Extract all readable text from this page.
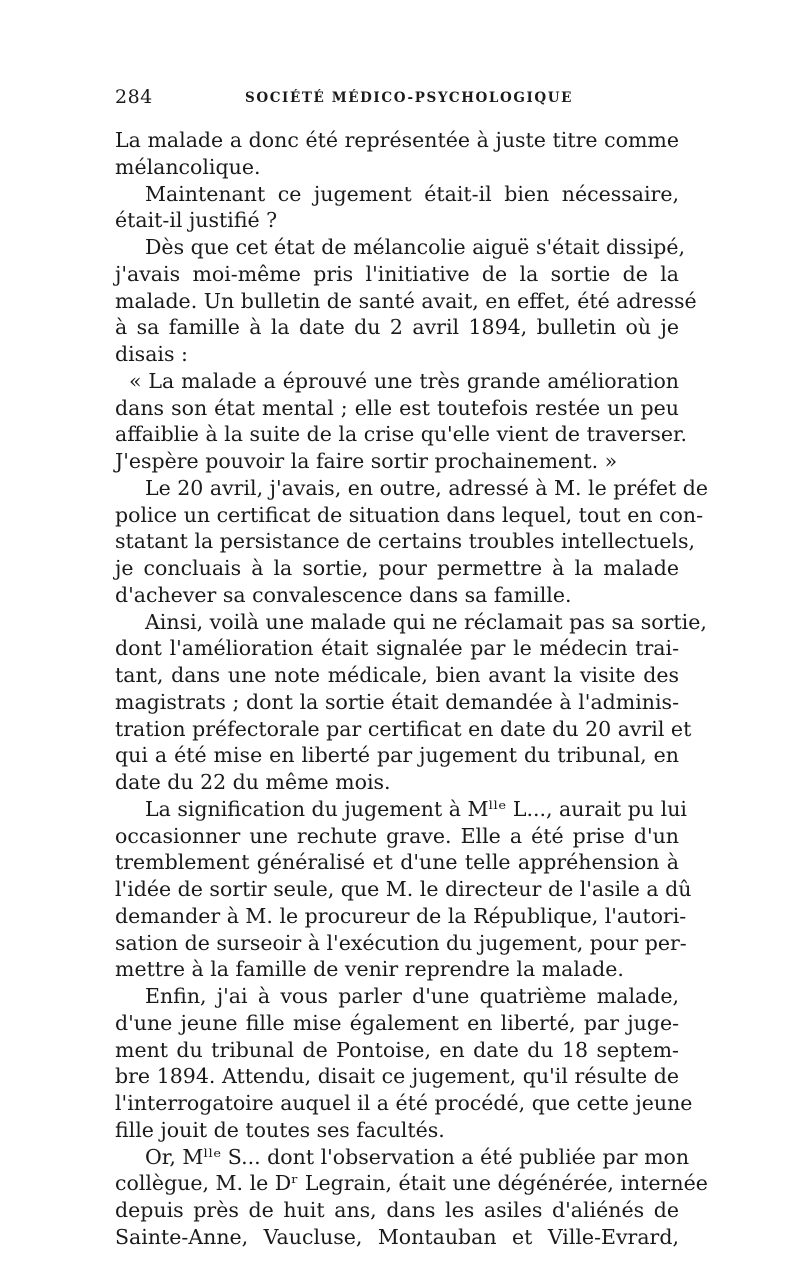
284	SOCIÉTÉ MÉDICO-PSYCHOLOGIQUE
La malade a donc été représentée à juste titre comme
mélancolique.
Maintenant ce jugement était-il bien nécessaire,
était-il justifié ?
Dès que cet état de mélancolie aiguë s'était dissipé,
j'avais moi-même pris l'initiative de la sortie de la
malade. Un bulletin de santé avait, en effet, été adressé
à sa famille à la date du 2 avril 1894, bulletin où je
disais :
« La malade a éprouvé une très grande amélioration
dans son état mental ; elle est toutefois restée un peu
affaiblie à la suite de la crise qu'elle vient de traverser.
J'espère pouvoir la faire sortir prochainement. »
Le 20 avril, j'avais, en outre, adressé à M. le préfet de
police un certificat de situation dans lequel, tout en con-
statant la persistance de certains troubles intellectuels,
je concluais à la sortie, pour permettre à la malade
d'achever sa convalescence dans sa famille.
Ainsi, voilà une malade qui ne réclamait pas sa sortie,
dont l'amélioration était signalée par le médecin trai-
tant, dans une note médicale, bien avant la visite des
magistrats ; dont la sortie était demandée à l'adminis-
tration préfectorale par certificat en date du 20 avril et
qui a été mise en liberté par jugement du tribunal, en
date du 22 du même mois.
La signification du jugement à Mˡˡᵉ L..., aurait pu lui
occasionner une rechute grave. Elle a été prise d'un
tremblement généralisé et d'une telle appréhension à
l'idée de sortir seule, que M. le directeur de l'asile a dû
demander à M. le procureur de la République, l'autori-
sation de surseoir à l'exécution du jugement, pour per-
mettre à la famille de venir reprendre la malade.
Enfin, j'ai à vous parler d'une quatrième malade,
d'une jeune fille mise également en liberté, par juge-
ment du tribunal de Pontoise, en date du 18 septem-
bre 1894. Attendu, disait ce jugement, qu'il résulte de
l'interrogatoire auquel il a été procédé, que cette jeune
fille jouit de toutes ses facultés.
Or, Mˡˡᵉ S... dont l'observation a été publiée par mon
collègue, M. le Dʳ Legrain, était une dégénérée, internée
depuis près de huit ans, dans les asiles d'aliénés de
Sainte-Anne, Vaucluse, Montauban et Ville-Evrard,
